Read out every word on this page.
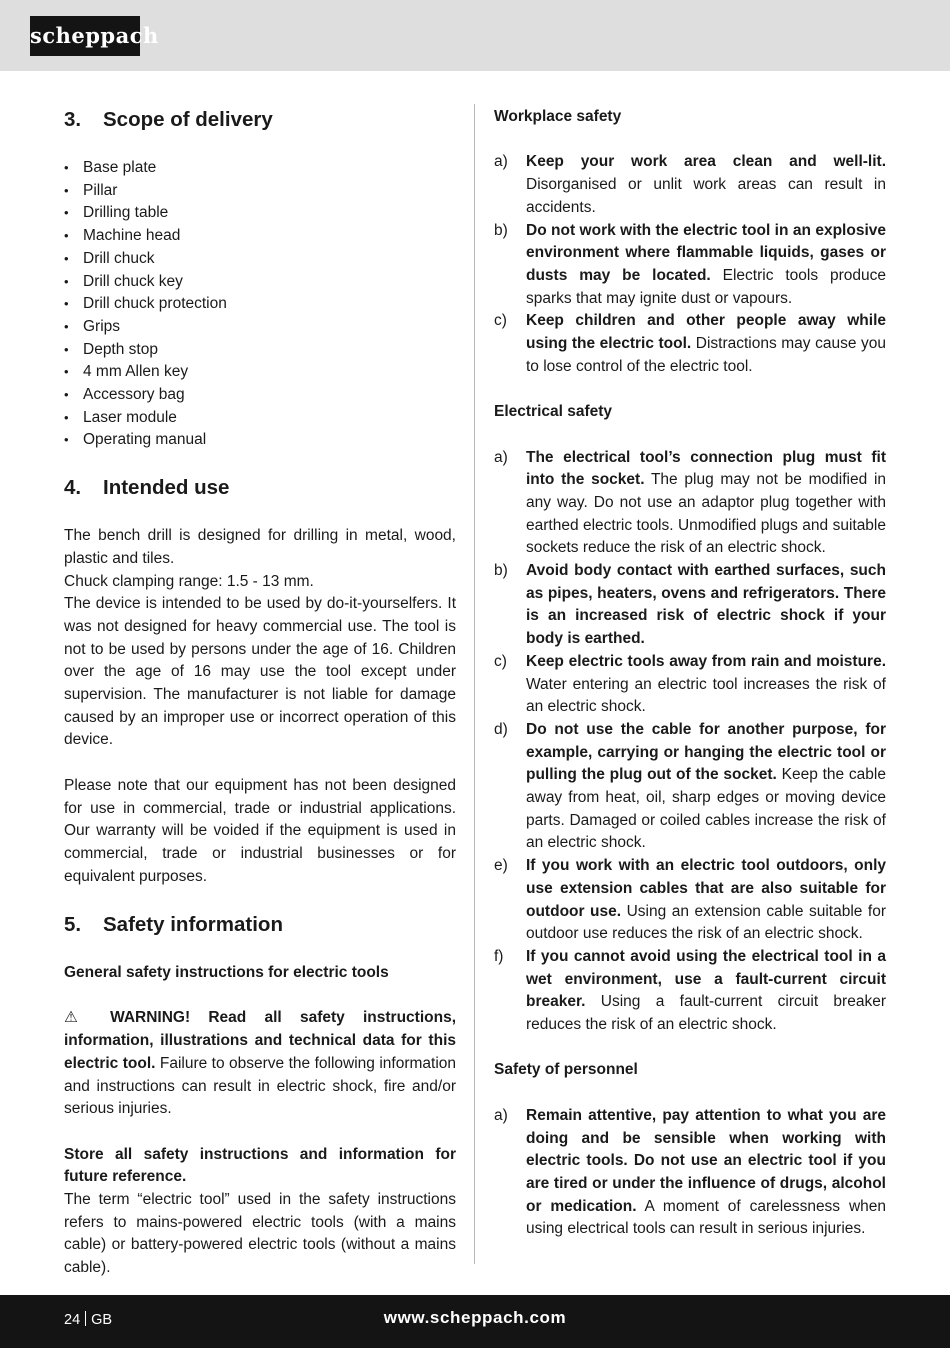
scheppach
3. Scope of delivery
• Base plate
• Pillar
• Drilling table
• Machine head
• Drill chuck
• Drill chuck key
• Drill chuck protection
• Grips
• Depth stop
• 4 mm Allen key
• Accessory bag
• Laser module
• Operating manual
4. Intended use

The bench drill is designed for drilling in metal, wood, plastic and tiles.

Chuck clamping range: 1.5 - 13 mm.

The device is intended to be used by do-it-yourselfers. It was not designed for heavy commercial use. The tool is not to be used by persons under the age of 16. Children over the age of 16 may use the tool except under supervision. The manufacturer is not liable for damage caused by an improper use or incorrect operation of this device.

Please note that our equipment has not been designed for use in commercial, trade or industrial applications. Our warranty will be voided if the equipment is used in commercial, trade or industrial businesses or for equivalent purposes.

5. Safety information
General safety instructions for electric tools

⚠ WARNING! Read all safety instructions, information, illustrations and technical data for this electric tool. Failure to observe the following information and instructions can result in electric shock, fire and/or serious injuries.

Store all safety instructions and information for future reference.

The term “electric tool” used in the safety instructions refers to mains-powered electric tools (with a mains cable) or battery-powered electric tools (without a mains cable).

Workplace safety
a) Keep your work area clean and well-lit. Disorganised or unlit work areas can result in accidents.
b) Do not work with the electric tool in an explosive environment where flammable liquids, gases or dusts may be located. Electric tools produce sparks that may ignite dust or vapours.
c) Keep children and other people away while using the electric tool. Distractions may cause you to lose control of the electric tool.
Electrical safety
a) The electrical tool’s connection plug must fit into the socket. The plug may not be modified in any way. Do not use an adaptor plug together with earthed electric tools. Unmodified plugs and suitable sockets reduce the risk of an electric shock.
b) Avoid body contact with earthed surfaces, such as pipes, heaters, ovens and refrigerators. There is an increased risk of electric shock if your body is earthed.
c) Keep electric tools away from rain and moisture. Water entering an electric tool increases the risk of an electric shock.
d) Do not use the cable for another purpose, for example, carrying or hanging the electric tool or pulling the plug out of the socket. Keep the cable away from heat, oil, sharp edges or moving device parts. Damaged or coiled cables increase the risk of an electric shock.
e) If you work with an electric tool outdoors, only use extension cables that are also suitable for outdoor use. Using an extension cable suitable for outdoor use reduces the risk of an electric shock.
f) If you cannot avoid using the electrical tool in a wet environment, use a fault-current circuit breaker. Using a fault-current circuit breaker reduces the risk of an electric shock.
Safety of personnel
a) Remain attentive, pay attention to what you are doing and be sensible when working with electric tools. Do not use an electric tool if you are tired or under the influence of drugs, alcohol or medication. A moment of carelessness when using electrical tools can result in serious injuries.
24 GB	www.scheppach.com
